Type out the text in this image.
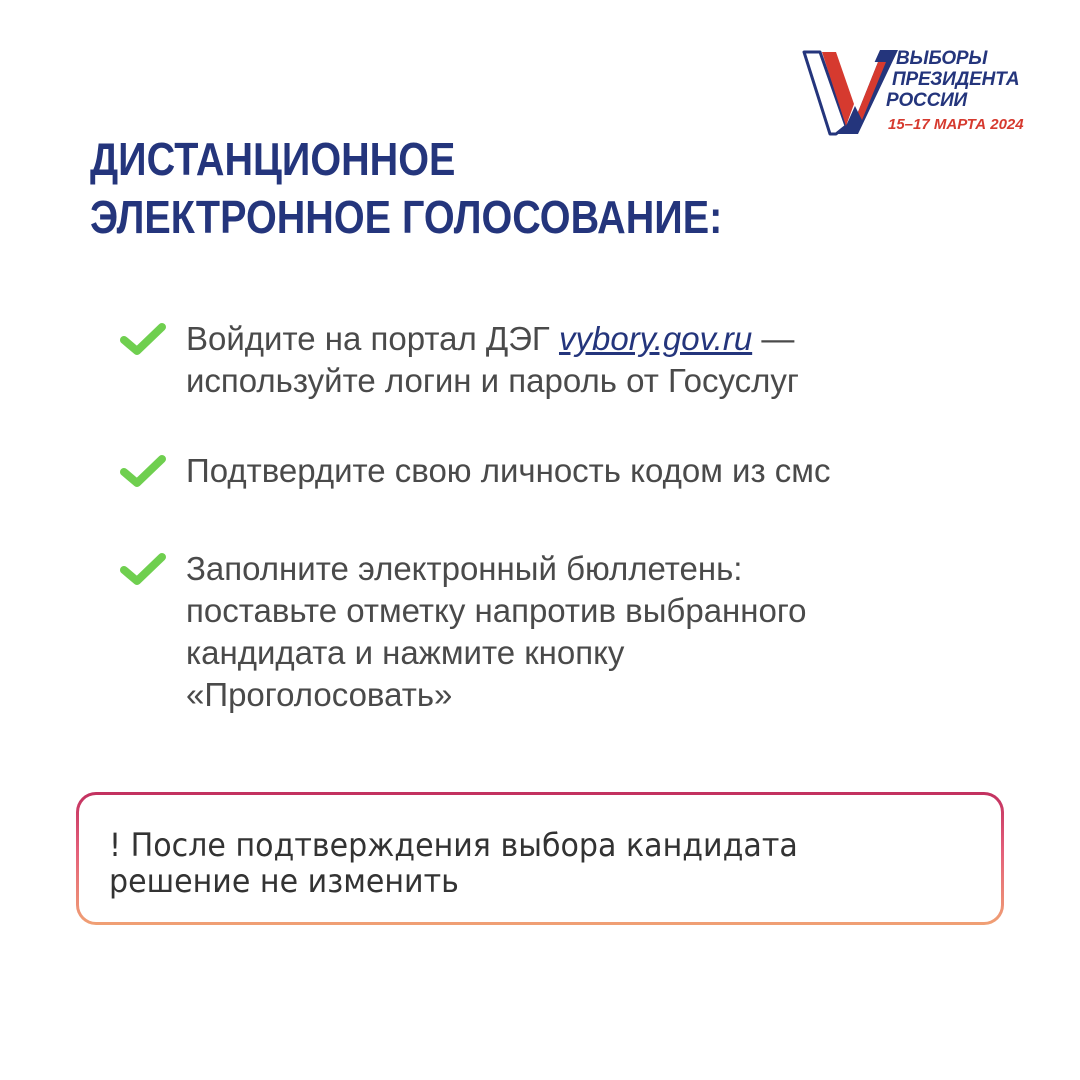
ВЫБОРЫ
ПРЕЗИДЕНТА
РОССИИ
15–17 МАРТА 2024
ДИСТАНЦИОННОЕ
ЭЛЕКТРОННОЕ ГОЛОСОВАНИЕ:
Войдите на портал ДЭГ vybory.gov.ru —
используйте логин и пароль от Госуслуг
Подтвердите свою личность кодом из смс
Заполните электронный бюллетень:
поставьте отметку напротив выбранного
кандидата и нажмите кнопку
«Проголосовать»
! После подтверждения выбора кандидата
решение не изменить
